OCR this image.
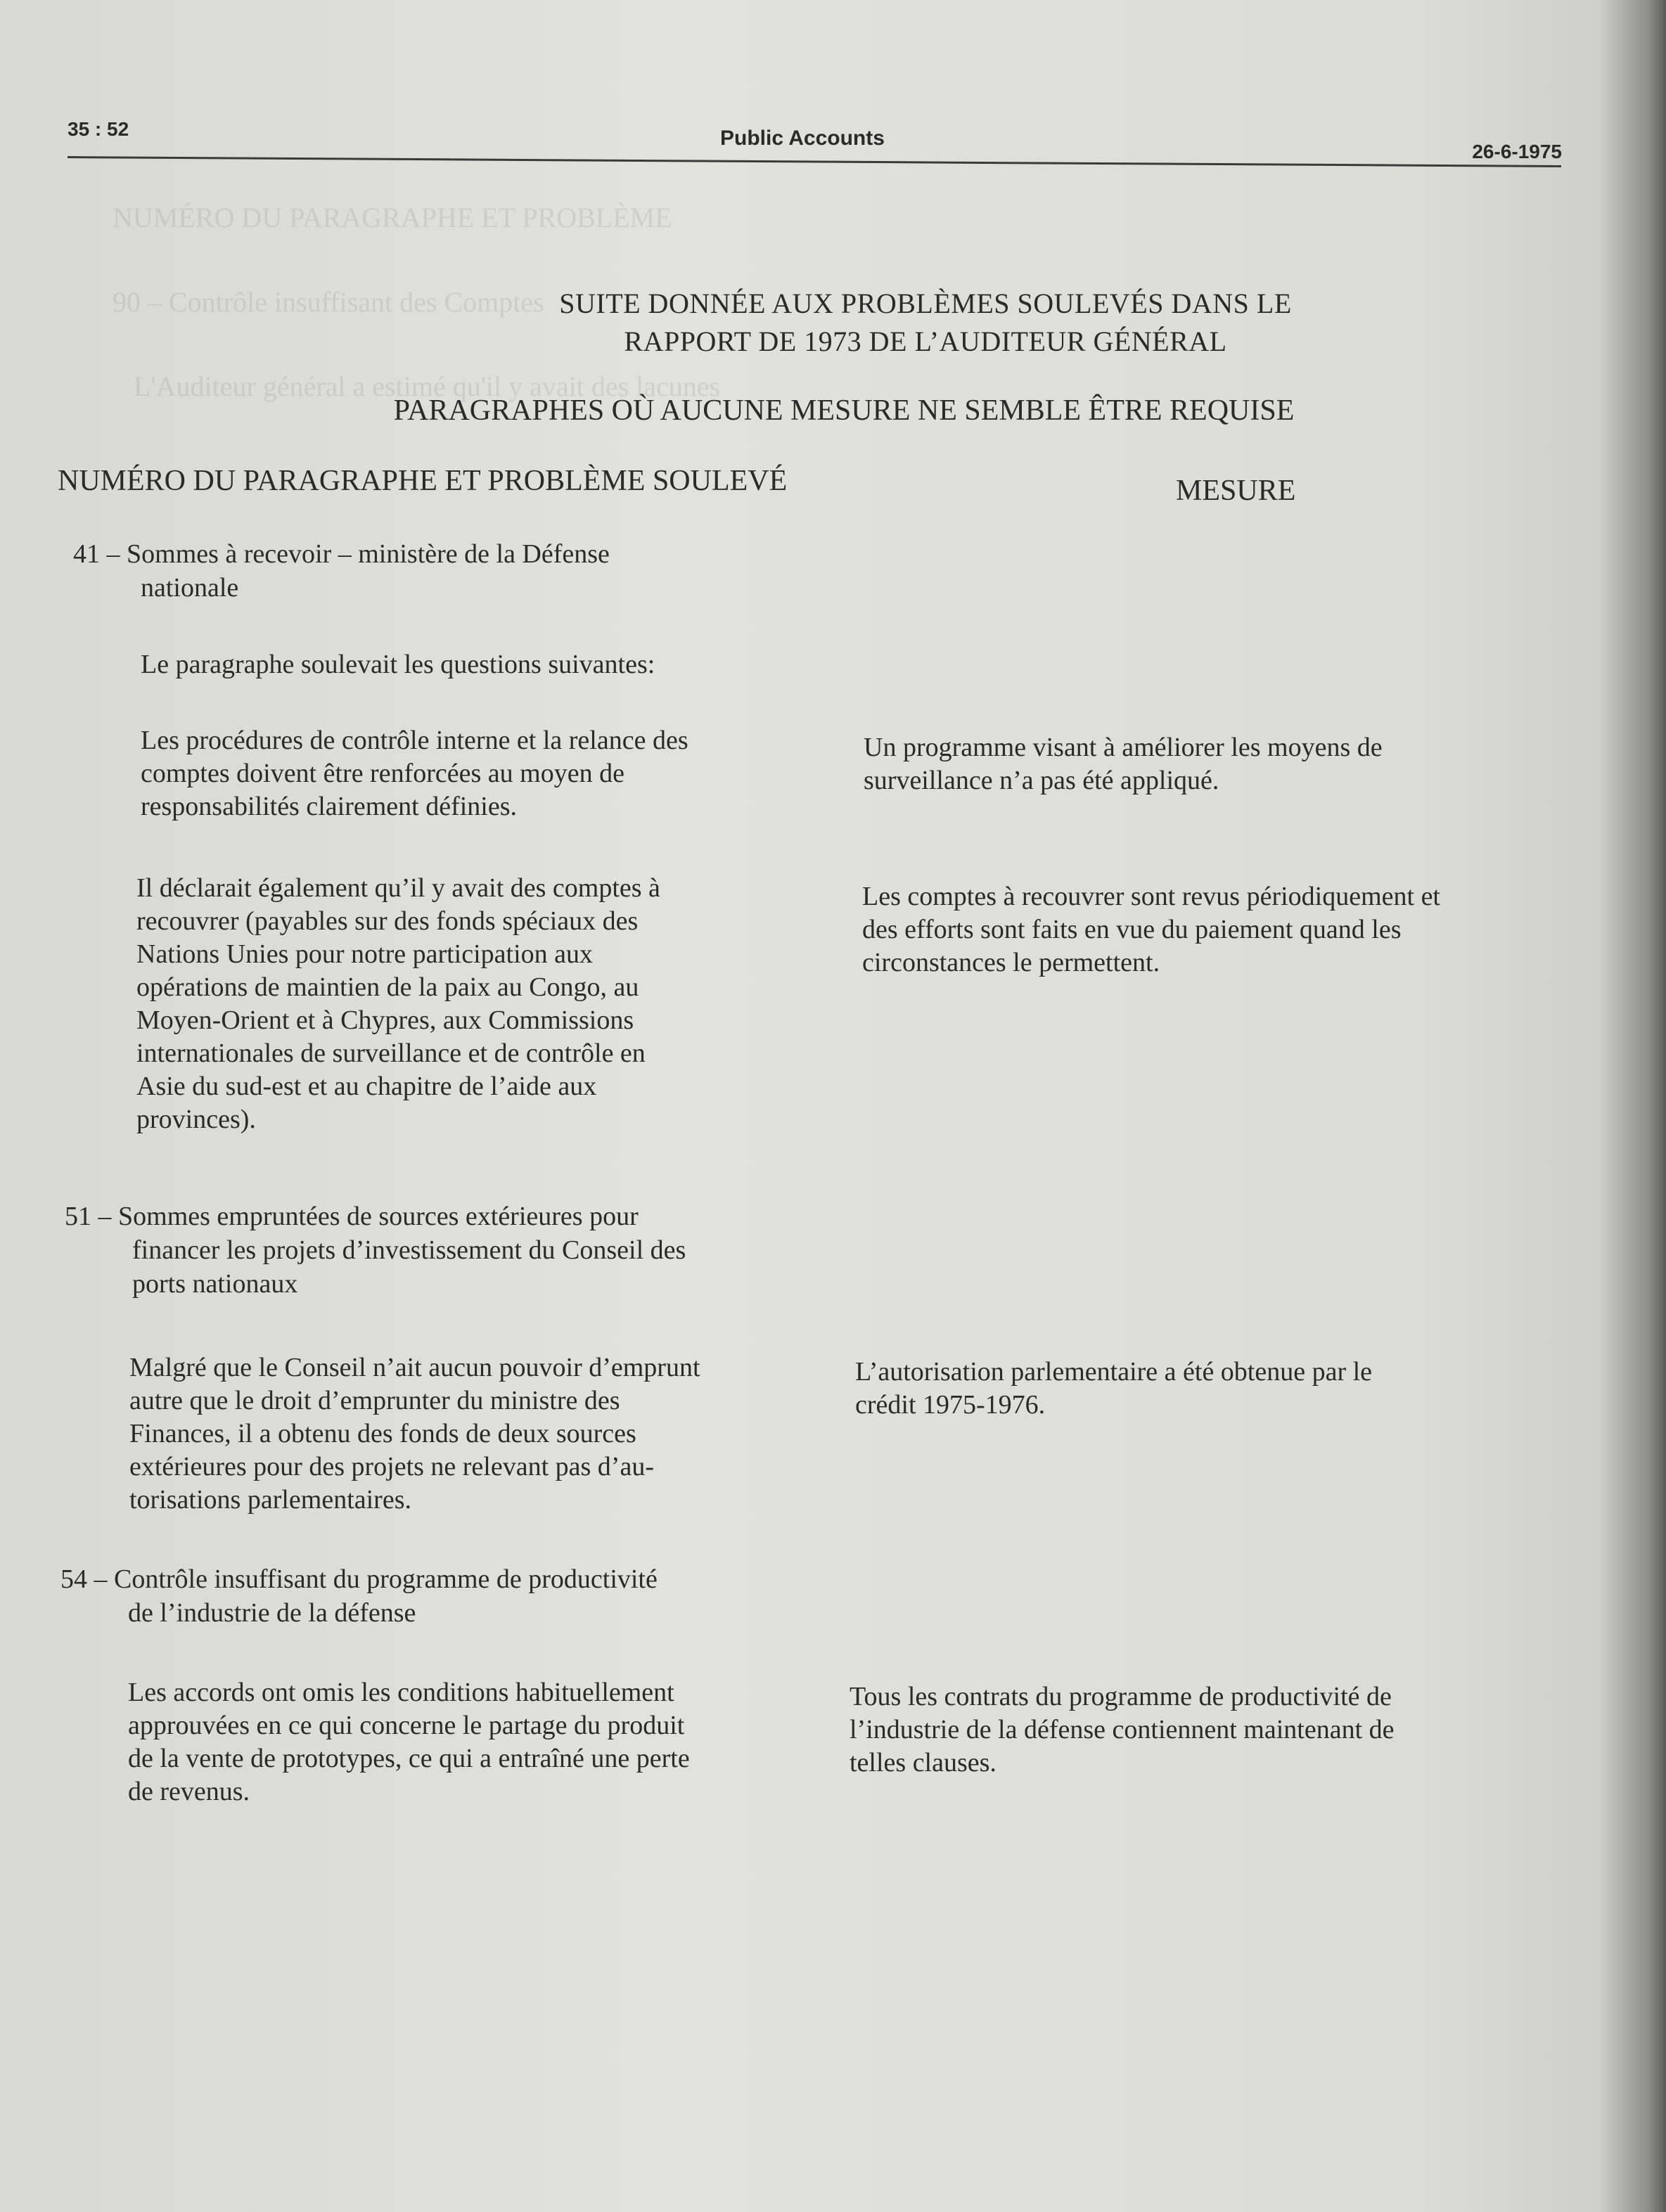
NUMÉRO DU PARAGRAPHE ET PROBLÈME

90 – Contrôle insuffisant des Comptes

L'Auditeur général a estimé qu'il y avait des lacunes

35 : 52	Public Accounts
26-6-1975
SUITE DONNÉE AUX PROBLÈMES SOULEVÉS DANS LE
RAPPORT DE 1973 DE L’AUDITEUR GÉNÉRAL
PARAGRAPHES OÙ AUCUNE MESURE NE SEMBLE ÊTRE REQUISE
NUMÉRO DU PARAGRAPHE ET PROBLÈME SOULEVÉ	MESURE
41 – Sommes à recevoir – ministère de la Défense
nationale
Le paragraphe soulevait les questions suivantes:
Les procédures de contrôle interne et la relance des
comptes doivent être renforcées au moyen de
responsabilités clairement définies.
Un programme visant à améliorer les moyens de
surveillance n’a pas été appliqué.
Il déclarait également qu’il y avait des comptes à
recouvrer (payables sur des fonds spéciaux des
Nations Unies pour notre participation aux
opérations de maintien de la paix au Congo, au
Moyen-Orient et à Chypres, aux Commissions
internationales de surveillance et de contrôle en
Asie du sud-est et au chapitre de l’aide aux
provinces).
Les comptes à recouvrer sont revus périodiquement et
des efforts sont faits en vue du paiement quand les
circonstances le permettent.
51 – Sommes empruntées de sources extérieures pour
financer les projets d’investissement du Conseil des
ports nationaux
Malgré que le Conseil n’ait aucun pouvoir d’emprunt
autre que le droit d’emprunter du ministre des
Finances, il a obtenu des fonds de deux sources
extérieures pour des projets ne relevant pas d’au-
torisations parlementaires.
L’autorisation parlementaire a été obtenue par le
crédit 1975-1976.
54 – Contrôle insuffisant du programme de productivité
de l’industrie de la défense
Les accords ont omis les conditions habituellement
approuvées en ce qui concerne le partage du produit
de la vente de prototypes, ce qui a entraîné une perte
de revenus.
Tous les contrats du programme de productivité de
l’industrie de la défense contiennent maintenant de
telles clauses.
